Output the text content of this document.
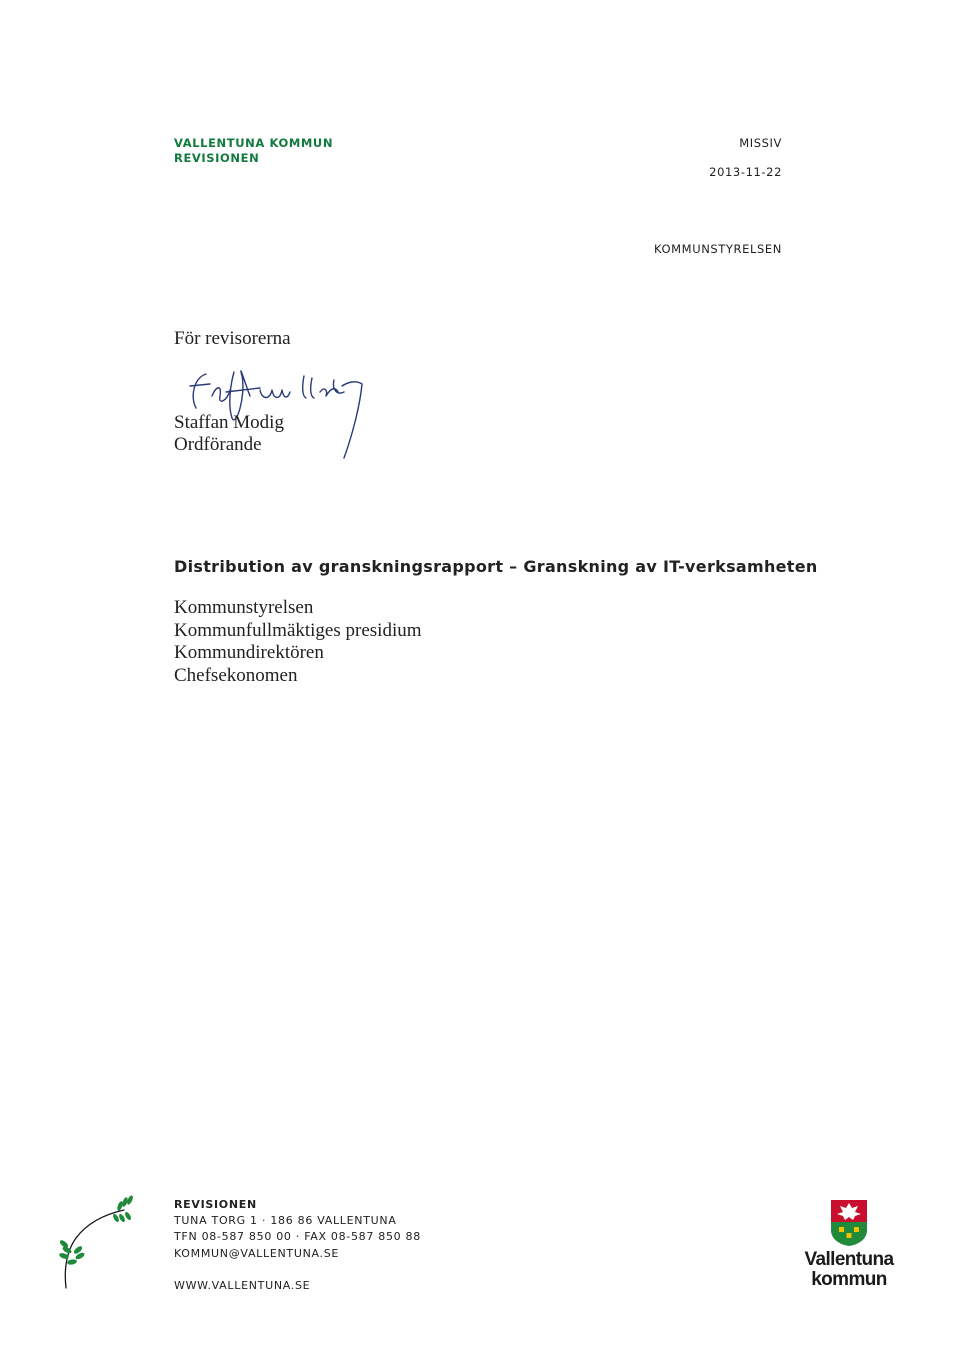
VALLENTUNA KOMMUN
REVISIONEN
MISSIV
2013-11-22
KOMMUNSTYRELSEN
För revisorerna
Staffan Modig
Ordförande
Distribution av granskningsrapport – Granskning av IT-verksamheten
Kommunstyrelsen
Kommunfullmäktiges presidium
Kommundirektören
Chefsekonomen
REVISIONEN
TUNA TORG 1 · 186 86 VALLENTUNA
TFN 08-587 850 00 · FAX 08-587 850 88
KOMMUN@VALLENTUNA.SE
WWW.VALLENTUNA.SE
Vallentuna
kommun
